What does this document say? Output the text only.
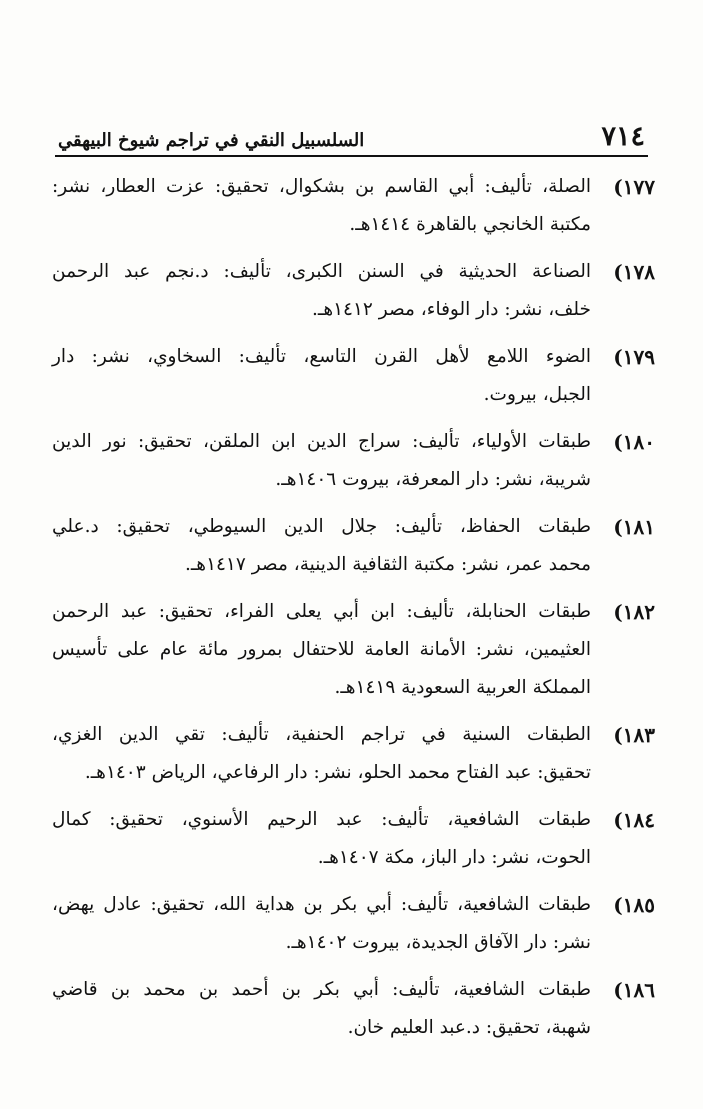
٧١٤
السلسبيل النقي في تراجم شيوخ البيهقي
١٧٧)
الصلة، تأليف: أبي القاسم بن بشكوال، تحقيق: عزت العطار، نشر:
مكتبة الخانجي بالقاهرة ١٤١٤هـ.
١٧٨)
الصناعة الحديثية في السنن الكبرى، تأليف: د.نجم عبد الرحمن
خلف، نشر: دار الوفاء، مصر ١٤١٢هـ.
١٧٩)
الضوء اللامع لأهل القرن التاسع، تأليف: السخاوي، نشر: دار
الجبل، بيروت.
١٨٠)
طبقات الأولياء، تأليف: سراج الدين ابن الملقن، تحقيق: نور الدين
شريبة، نشر: دار المعرفة، بيروت ١٤٠٦هـ.
١٨١)
طبقات الحفاظ، تأليف: جلال الدين السيوطي، تحقيق: د.علي
محمد عمر، نشر: مكتبة الثقافية الدينية، مصر ١٤١٧هـ.
١٨٢)
طبقات الحنابلة، تأليف: ابن أبي يعلى الفراء، تحقيق: عبد الرحمن
العثيمين، نشر: الأمانة العامة للاحتفال بمرور مائة عام على تأسيس
المملكة العربية السعودية ١٤١٩هـ.
١٨٣)
الطبقات السنية في تراجم الحنفية، تأليف: تقي الدين الغزي،
تحقيق: عبد الفتاح محمد الحلو، نشر: دار الرفاعي، الرياض ١٤٠٣هـ.
١٨٤)
طبقات الشافعية، تأليف: عبد الرحيم الأسنوي، تحقيق: كمال
الحوت، نشر: دار الباز، مكة ١٤٠٧هـ.
١٨٥)
طبقات الشافعية، تأليف: أبي بكر بن هداية الله، تحقيق: عادل يهض،
نشر: دار الآفاق الجديدة، بيروت ١٤٠٢هـ.
١٨٦)
طبقات الشافعية، تأليف: أبي بكر بن أحمد بن محمد بن قاضي
شهبة، تحقيق: د.عبد العليم خان.
